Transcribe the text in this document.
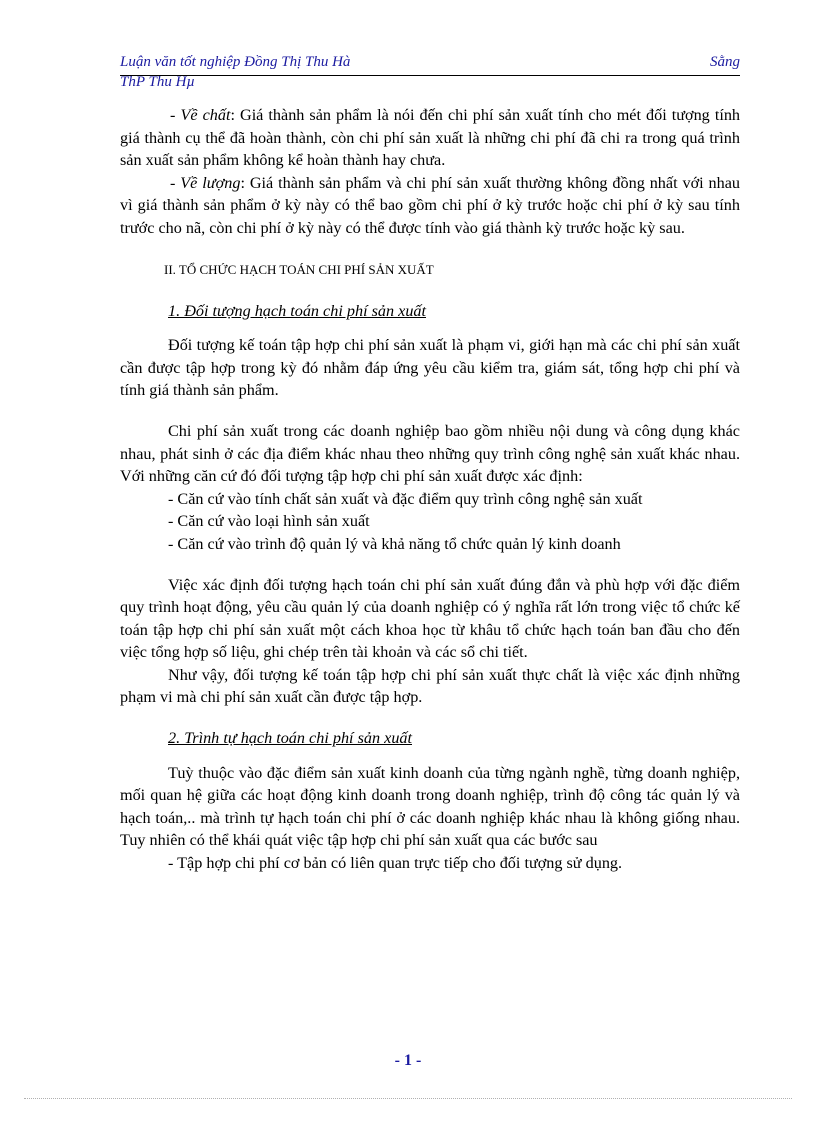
Luận văn tốt nghiệp Đồng Thị Thu Hà	Sằng
ThP Thu Hµ

- Về chất: Giá thành sản phẩm là nói đến chi phí sản xuất tính cho mét đối tượng tính giá thành cụ thể đã hoàn thành, còn chi phí sản xuất là những chi phí đã chi ra trong quá trình sản xuất sản phẩm không kể hoàn thành hay chưa.

- Về lượng: Giá thành sản phẩm và chi phí sản xuất thường không đồng nhất với nhau vì giá thành sản phẩm ở kỳ này có thể bao gồm chi phí ở kỳ trước hoặc chi phí ở kỳ sau tính trước cho nã, còn chi phí ở kỳ này có thể được tính vào giá thành kỳ trước hoặc kỳ sau.

II. TỔ CHỨC HẠCH TOÁN CHI PHÍ SẢN XUẤT

1. Đối tượng hạch toán chi phí sản xuất

Đối tượng kế toán tập hợp chi phí sản xuất là phạm vi, giới hạn mà các chi phí sản xuất cần được tập hợp trong kỳ đó nhằm đáp ứng yêu cầu kiểm tra, giám sát, tổng hợp chi phí và tính giá thành sản phẩm.

Chi phí sản xuất trong các doanh nghiệp bao gồm nhiều nội dung và công dụng khác nhau, phát sinh ở các địa điểm khác nhau theo những quy trình công nghệ sản xuất khác nhau. Với những căn cứ đó đối tượng tập hợp chi phí sản xuất được xác định:

- Căn cứ vào tính chất sản xuất và đặc điểm quy trình công nghệ sản xuất

- Căn cứ vào loại hình sản xuất

- Căn cứ vào trình độ quản lý và khả năng tổ chức quản lý kinh doanh

Việc xác định đối tượng hạch toán chi phí sản xuất đúng đắn và phù hợp với đặc điểm quy trình hoạt động, yêu cầu quản lý của doanh nghiệp có ý nghĩa rất lớn trong việc tổ chức kế toán tập hợp chi phí sản xuất một cách khoa học từ khâu tổ chức hạch toán ban đầu cho đến việc tổng hợp số liệu, ghi chép trên tài khoản và các sổ chi tiết.

Như vậy, đối tượng kế toán tập hợp chi phí sản xuất thực chất là việc xác định những phạm vi mà chi phí sản xuất cần được tập hợp.

2. Trình tự hạch toán chi phí sản xuất

Tuỳ thuộc vào đặc điểm sản xuất kinh doanh của từng ngành nghề, từng doanh nghiệp, mối quan hệ giữa các hoạt động kinh doanh trong doanh nghiệp, trình độ công tác quản lý và hạch toán,.. mà trình tự hạch toán chi phí ở các doanh nghiệp khác nhau là không giống nhau. Tuy nhiên có thể khái quát việc tập hợp chi phí sản xuất qua các bước sau

- Tập hợp chi phí cơ bản có liên quan trực tiếp cho đối tượng sử dụng.

- 1 -
